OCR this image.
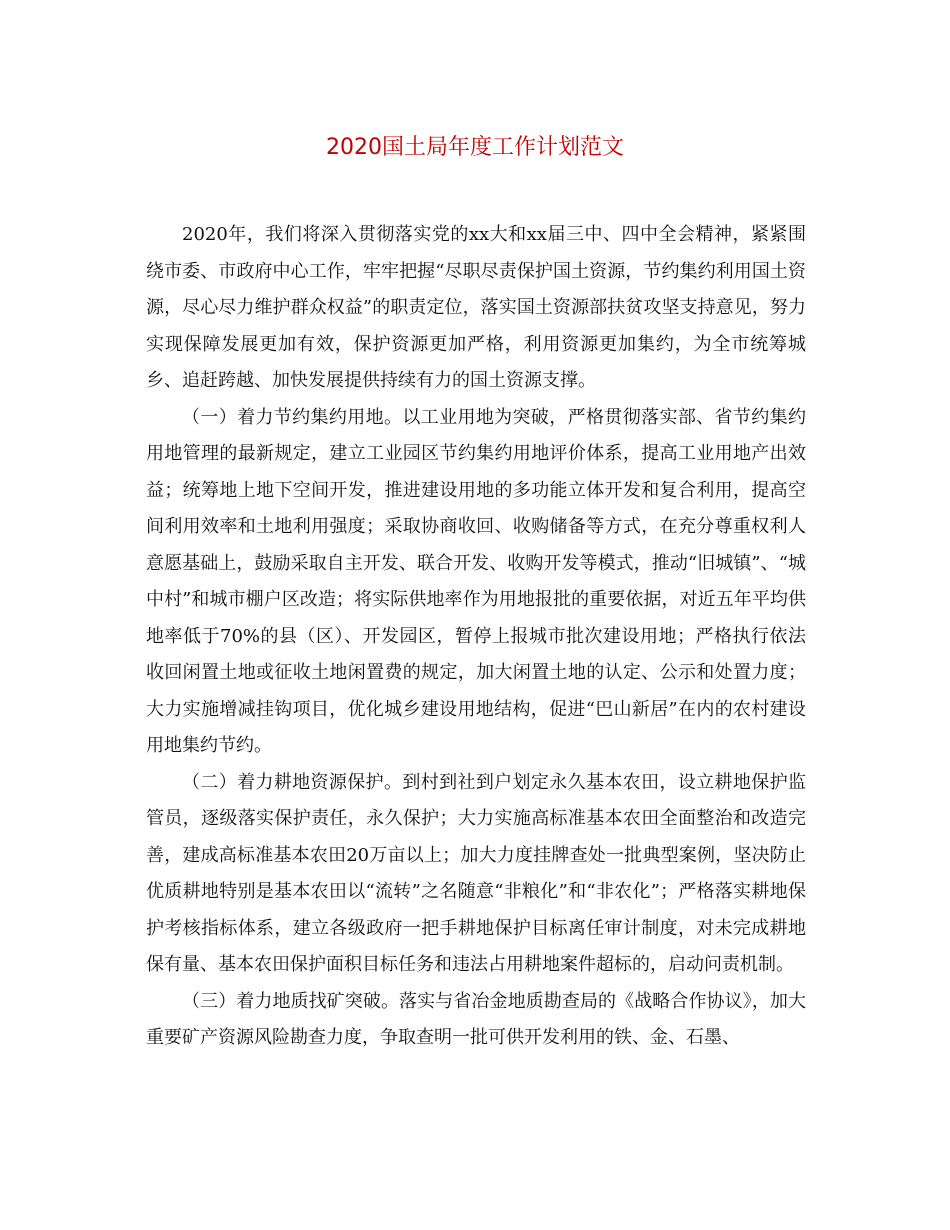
2020国土局年度工作计划范文

2020年，我们将深入贯彻落实党的xx大和xx届三中、四中全会精神，紧紧围绕市委、市政府中心工作，牢牢把握“尽职尽责保护国土资源，节约集约利用国土资源，尽心尽力维护群众权益”的职责定位，落实国土资源部扶贫攻坚支持意见，努力实现保障发展更加有效，保护资源更加严格，利用资源更加集约，为全市统筹城乡、追赶跨越、加快发展提供持续有力的国土资源支撑。

（一）着力节约集约用地。以工业用地为突破，严格贯彻落实部、省节约集约用地管理的最新规定，建立工业园区节约集约用地评价体系，提高工业用地产出效益；统筹地上地下空间开发，推进建设用地的多功能立体开发和复合利用，提高空间利用效率和土地利用强度；采取协商收回、收购储备等方式，在充分尊重权利人意愿基础上，鼓励采取自主开发、联合开发、收购开发等模式，推动“旧城镇”、“城中村”和城市棚户区改造；将实际供地率作为用地报批的重要依据，对近五年平均供地率低于70%的县（区）、开发园区，暂停上报城市批次建设用地；严格执行依法收回闲置土地或征收土地闲置费的规定，加大闲置土地的认定、公示和处置力度；大力实施增减挂钩项目，优化城乡建设用地结构，促进“巴山新居”在内的农村建设用地集约节约。

（二）着力耕地资源保护。到村到社到户划定永久基本农田，设立耕地保护监管员，逐级落实保护责任，永久保护；大力实施高标准基本农田全面整治和改造完善，建成高标准基本农田20万亩以上；加大力度挂牌查处一批典型案例，坚决防止优质耕地特别是基本农田以“流转”之名随意“非粮化”和“非农化”；严格落实耕地保护考核指标体系，建立各级政府一把手耕地保护目标离任审计制度，对未完成耕地保有量、基本农田保护面积目标任务和违法占用耕地案件超标的，启动问责机制。

（三）着力地质找矿突破。落实与省冶金地质勘查局的《战略合作协议》，加大重要矿产资源风险勘查力度，争取查明一批可供开发利用的铁、金、石墨、
